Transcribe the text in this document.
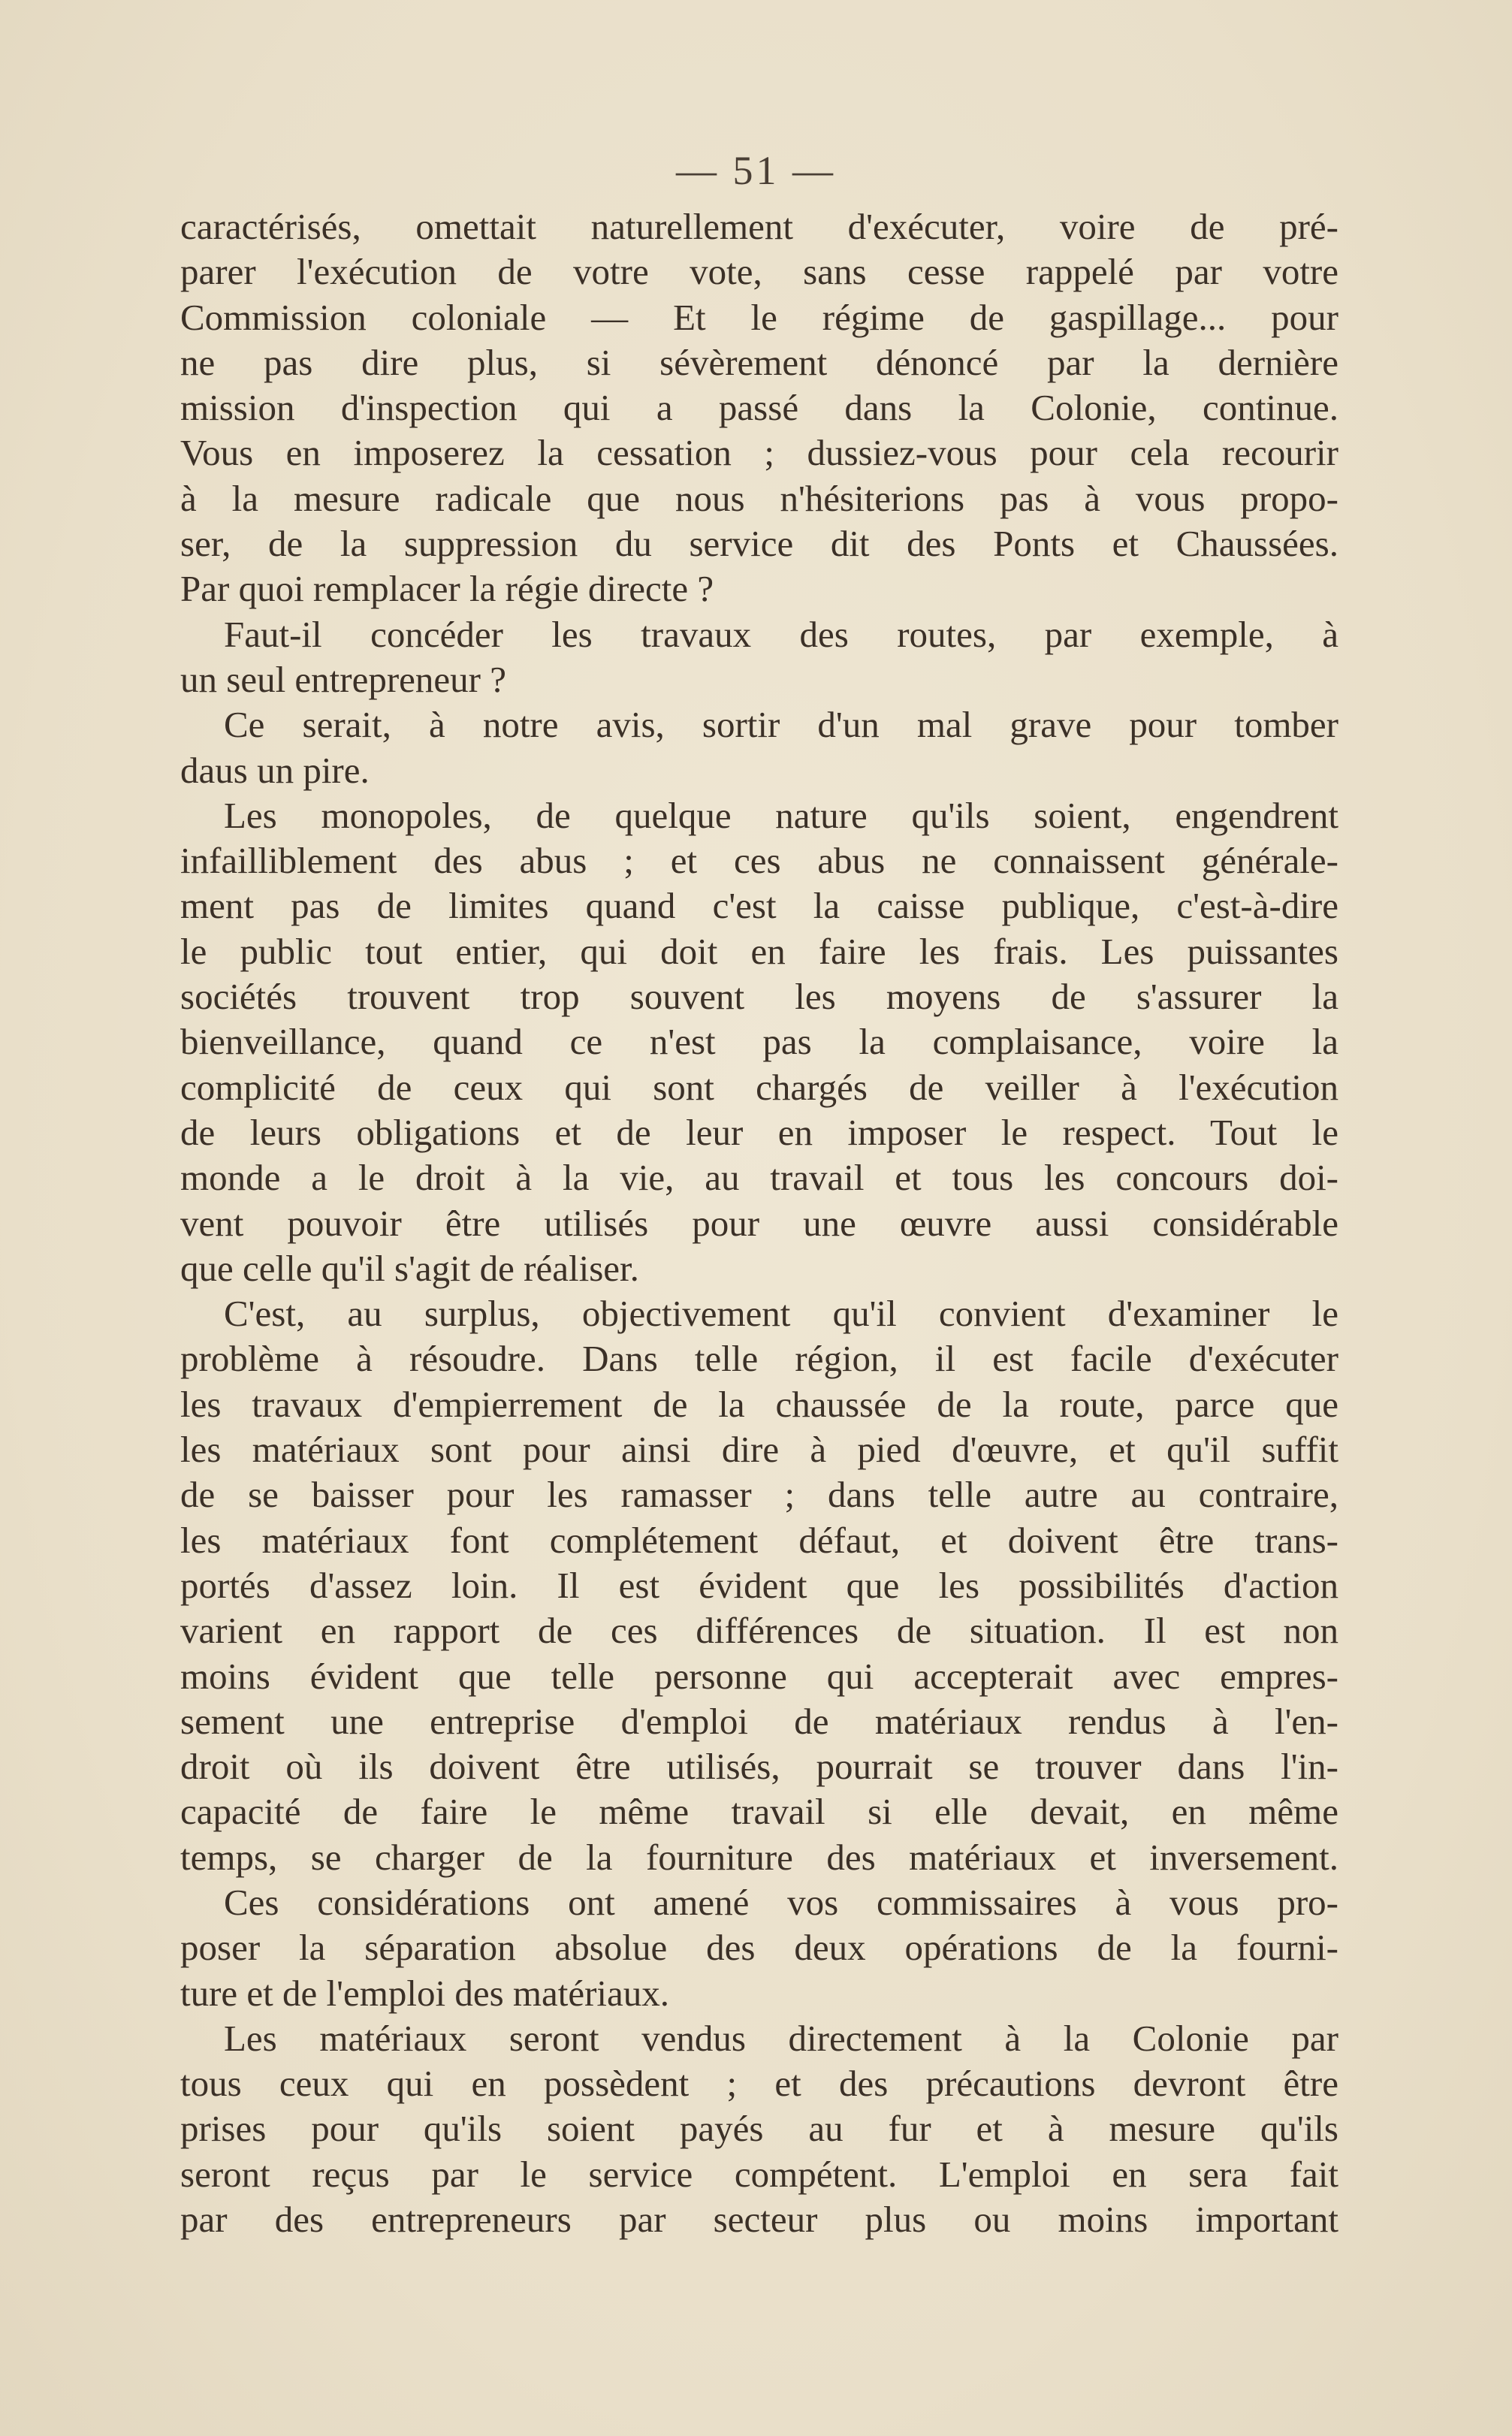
— 51 —
caractérisés, omettait naturellement d'exécuter, voire de pré-
parer l'exécution de votre vote, sans cesse rappelé par votre
Commission coloniale — Et le régime de gaspillage... pour
ne pas dire plus, si sévèrement dénoncé par la dernière
mission d'inspection qui a passé dans la Colonie, continue.
Vous en imposerez la cessation ; dussiez-vous pour cela recourir
à la mesure radicale que nous n'hésiterions pas à vous propo-
ser, de la suppression du service dit des Ponts et Chaussées.
Par quoi remplacer la régie directe ?
Faut-il concéder les travaux des routes, par exemple, à
un seul entrepreneur ?
Ce serait, à notre avis, sortir d'un mal grave pour tomber
daus un pire.
Les monopoles, de quelque nature qu'ils soient, engendrent
infailliblement des abus ; et ces abus ne connaissent générale-
ment pas de limites quand c'est la caisse publique, c'est-à-dire
le public tout entier, qui doit en faire les frais. Les puissantes
sociétés trouvent trop souvent les moyens de s'assurer la
bienveillance, quand ce n'est pas la complaisance, voire la
complicité de ceux qui sont chargés de veiller à l'exécution
de leurs obligations et de leur en imposer le respect. Tout le
monde a le droit à la vie, au travail et tous les concours doi-
vent pouvoir être utilisés pour une œuvre aussi considérable
que celle qu'il s'agit de réaliser.
C'est, au surplus, objectivement qu'il convient d'examiner le
problème à résoudre. Dans telle région, il est facile d'exécuter
les travaux d'empierrement de la chaussée de la route, parce que
les matériaux sont pour ainsi dire à pied d'œuvre, et qu'il suffit
de se baisser pour les ramasser ; dans telle autre au contraire,
les matériaux font complétement défaut, et doivent être trans-
portés d'assez loin. Il est évident que les possibilités d'action
varient en rapport de ces différences de situation. Il est non
moins évident que telle personne qui accepterait avec empres-
sement une entreprise d'emploi de matériaux rendus à l'en-
droit où ils doivent être utilisés, pourrait se trouver dans l'in-
capacité de faire le même travail si elle devait, en même
temps, se charger de la fourniture des matériaux et inversement.
Ces considérations ont amené vos commissaires à vous pro-
poser la séparation absolue des deux opérations de la fourni-
ture et de l'emploi des matériaux.
Les matériaux seront vendus directement à la Colonie par
tous ceux qui en possèdent ; et des précautions devront être
prises pour qu'ils soient payés au fur et à mesure qu'ils
seront reçus par le service compétent. L'emploi en sera fait
par des entrepreneurs par secteur plus ou moins important
